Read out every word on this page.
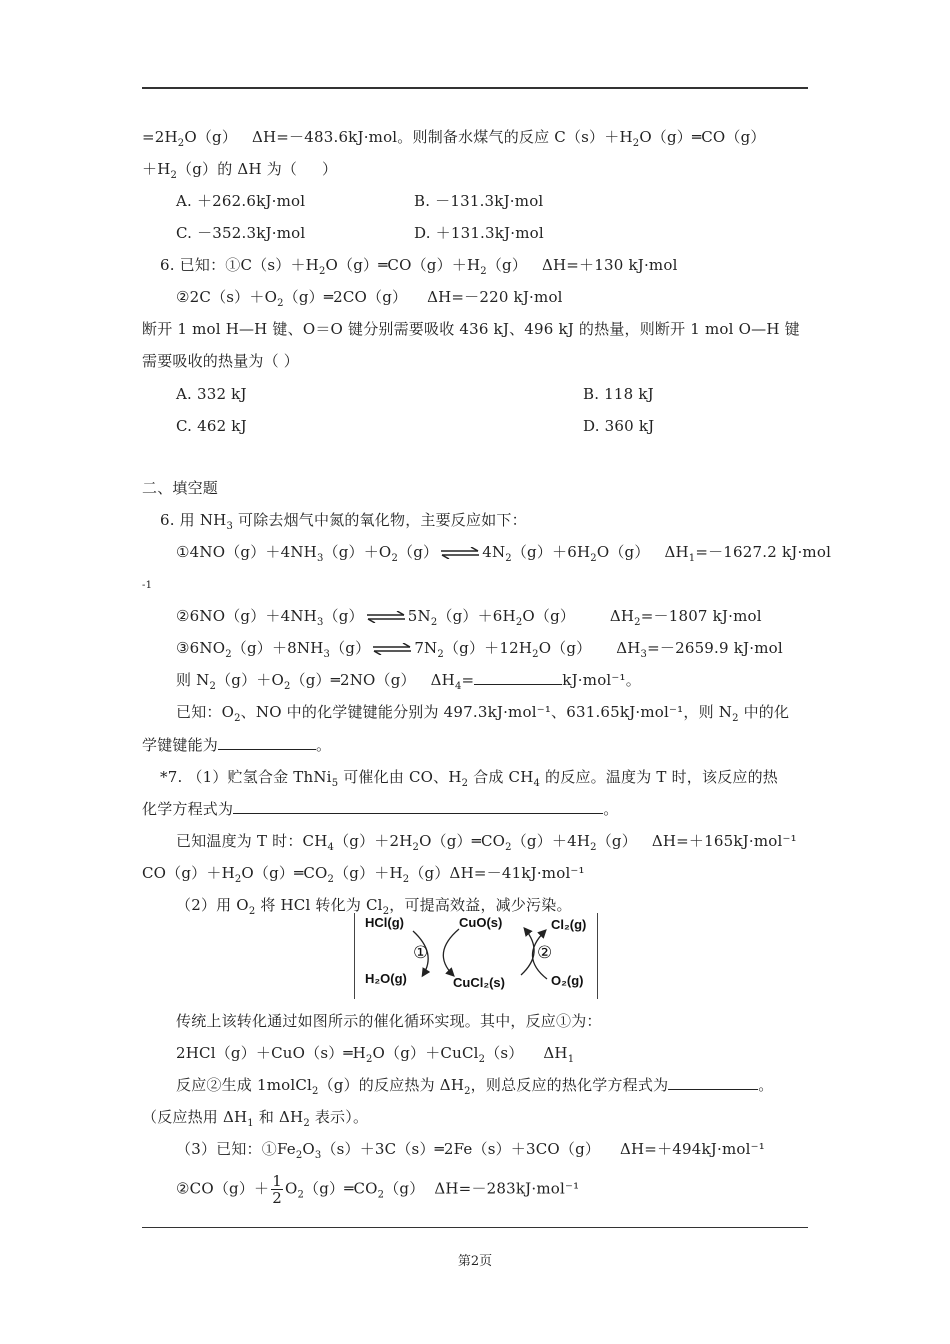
$=2H_2O(g)$   ΔH=－483.6kJ·mol。则制备水煤气的反应 $C(s)+H_2O(g)═CO(g)$
$+H_2(g)$的 ΔH 为（     ）
A. ＋262.6kJ·mol	B. －131.3kJ·mol
C. －352.3kJ·mol	D. ＋131.3kJ·mol
6. 已知：$①C(s)+H_2O(g)═CO(g)+H_2(g)$   ΔH=＋130 kJ·mol
$②2C(s)+O_2(g)═2CO(g)$    ΔH=－220 kJ·mol
断开 1 mol H—H 键、O＝O 键分别需要吸收 436 kJ、496 kJ 的热量，则断开 1 mol O—H 键
需要吸收的热量为（ ）
A. 332 kJ	B. 118 kJ
C. 462 kJ	D. 360 kJ
二、填空题
6. 用 $NH_3$ 可除去烟气中氮的氧化物，主要反应如下：
$①4NO(g)+4NH_3(g)+O_2(g)$ ⇌ $4N_2(g)+6H_2O(g)$   $\Delta H_1=-1627.2$ kJ·mol
-1
$②6NO(g)+4NH_3(g)$ ⇌ $5N_2(g)+6H_2O(g)$       $\Delta H_2=-1807$ kJ·mol
$③6NO_2(g)+8NH_3(g)$ ⇌ $7N_2(g)+12H_2O(g)$     $\Delta H_3=-2659.9$ kJ·mol
则 $N_2(g)+O_2(g)═2NO(g)$   $\Delta H_4=$	kJ·mol⁻¹。
已知：$O_2$、NO 中的化学键键能分别为 497.3kJ·mol⁻¹、631.65kJ·mol⁻¹，则 $N_2$ 中的化
学键键能为	。
*7. （1）贮氢合金 ThNi$_5$ 可催化由 CO、$H_2$ 合成 $CH_4$ 的反应。温度为 T 时，该反应的热
化学方程式为	。
已知温度为 T 时：$CH_4(g)+2H_2O(g)═CO_2(g)+4H_2(g)$   ΔH=＋165kJ·mol⁻¹
$CO(g)+H_2O(g)═CO_2(g)+H_2(g)\Delta H=-41kJ\cdot mol^{-1}$
（2）用 $O_2$ 将 HCl 转化为 $Cl_2$，可提高效益，减少污染。
HCl(g)	CuO(s)	Cl₂(g)
①	②
H₂O(g)	CuCl₂(s)	O₂(g)
传统上该转化通过如图所示的催化循环实现。其中，反应①为：
$2HCl(g)+CuO(s)═H_2O(g)+CuCl_2(s)$    $\Delta H_1$
反应②生成 1molCl$_2$（g）的反应热为 $\Delta H_2$，则总反应的热化学方程式为	。
（反应热用 $\Delta H_1$ 和 $\Delta H_2$ 表示）。
（3）已知：$①Fe_2O_3(s)+3C(s)═2Fe(s)+3CO(g)$    ΔH=＋494kJ·mol⁻¹
②CO（g）＋ $\frac{1}{2}$ $O_2(g)═CO_2(g)$  ΔH=－283kJ·mol⁻¹
第2页
